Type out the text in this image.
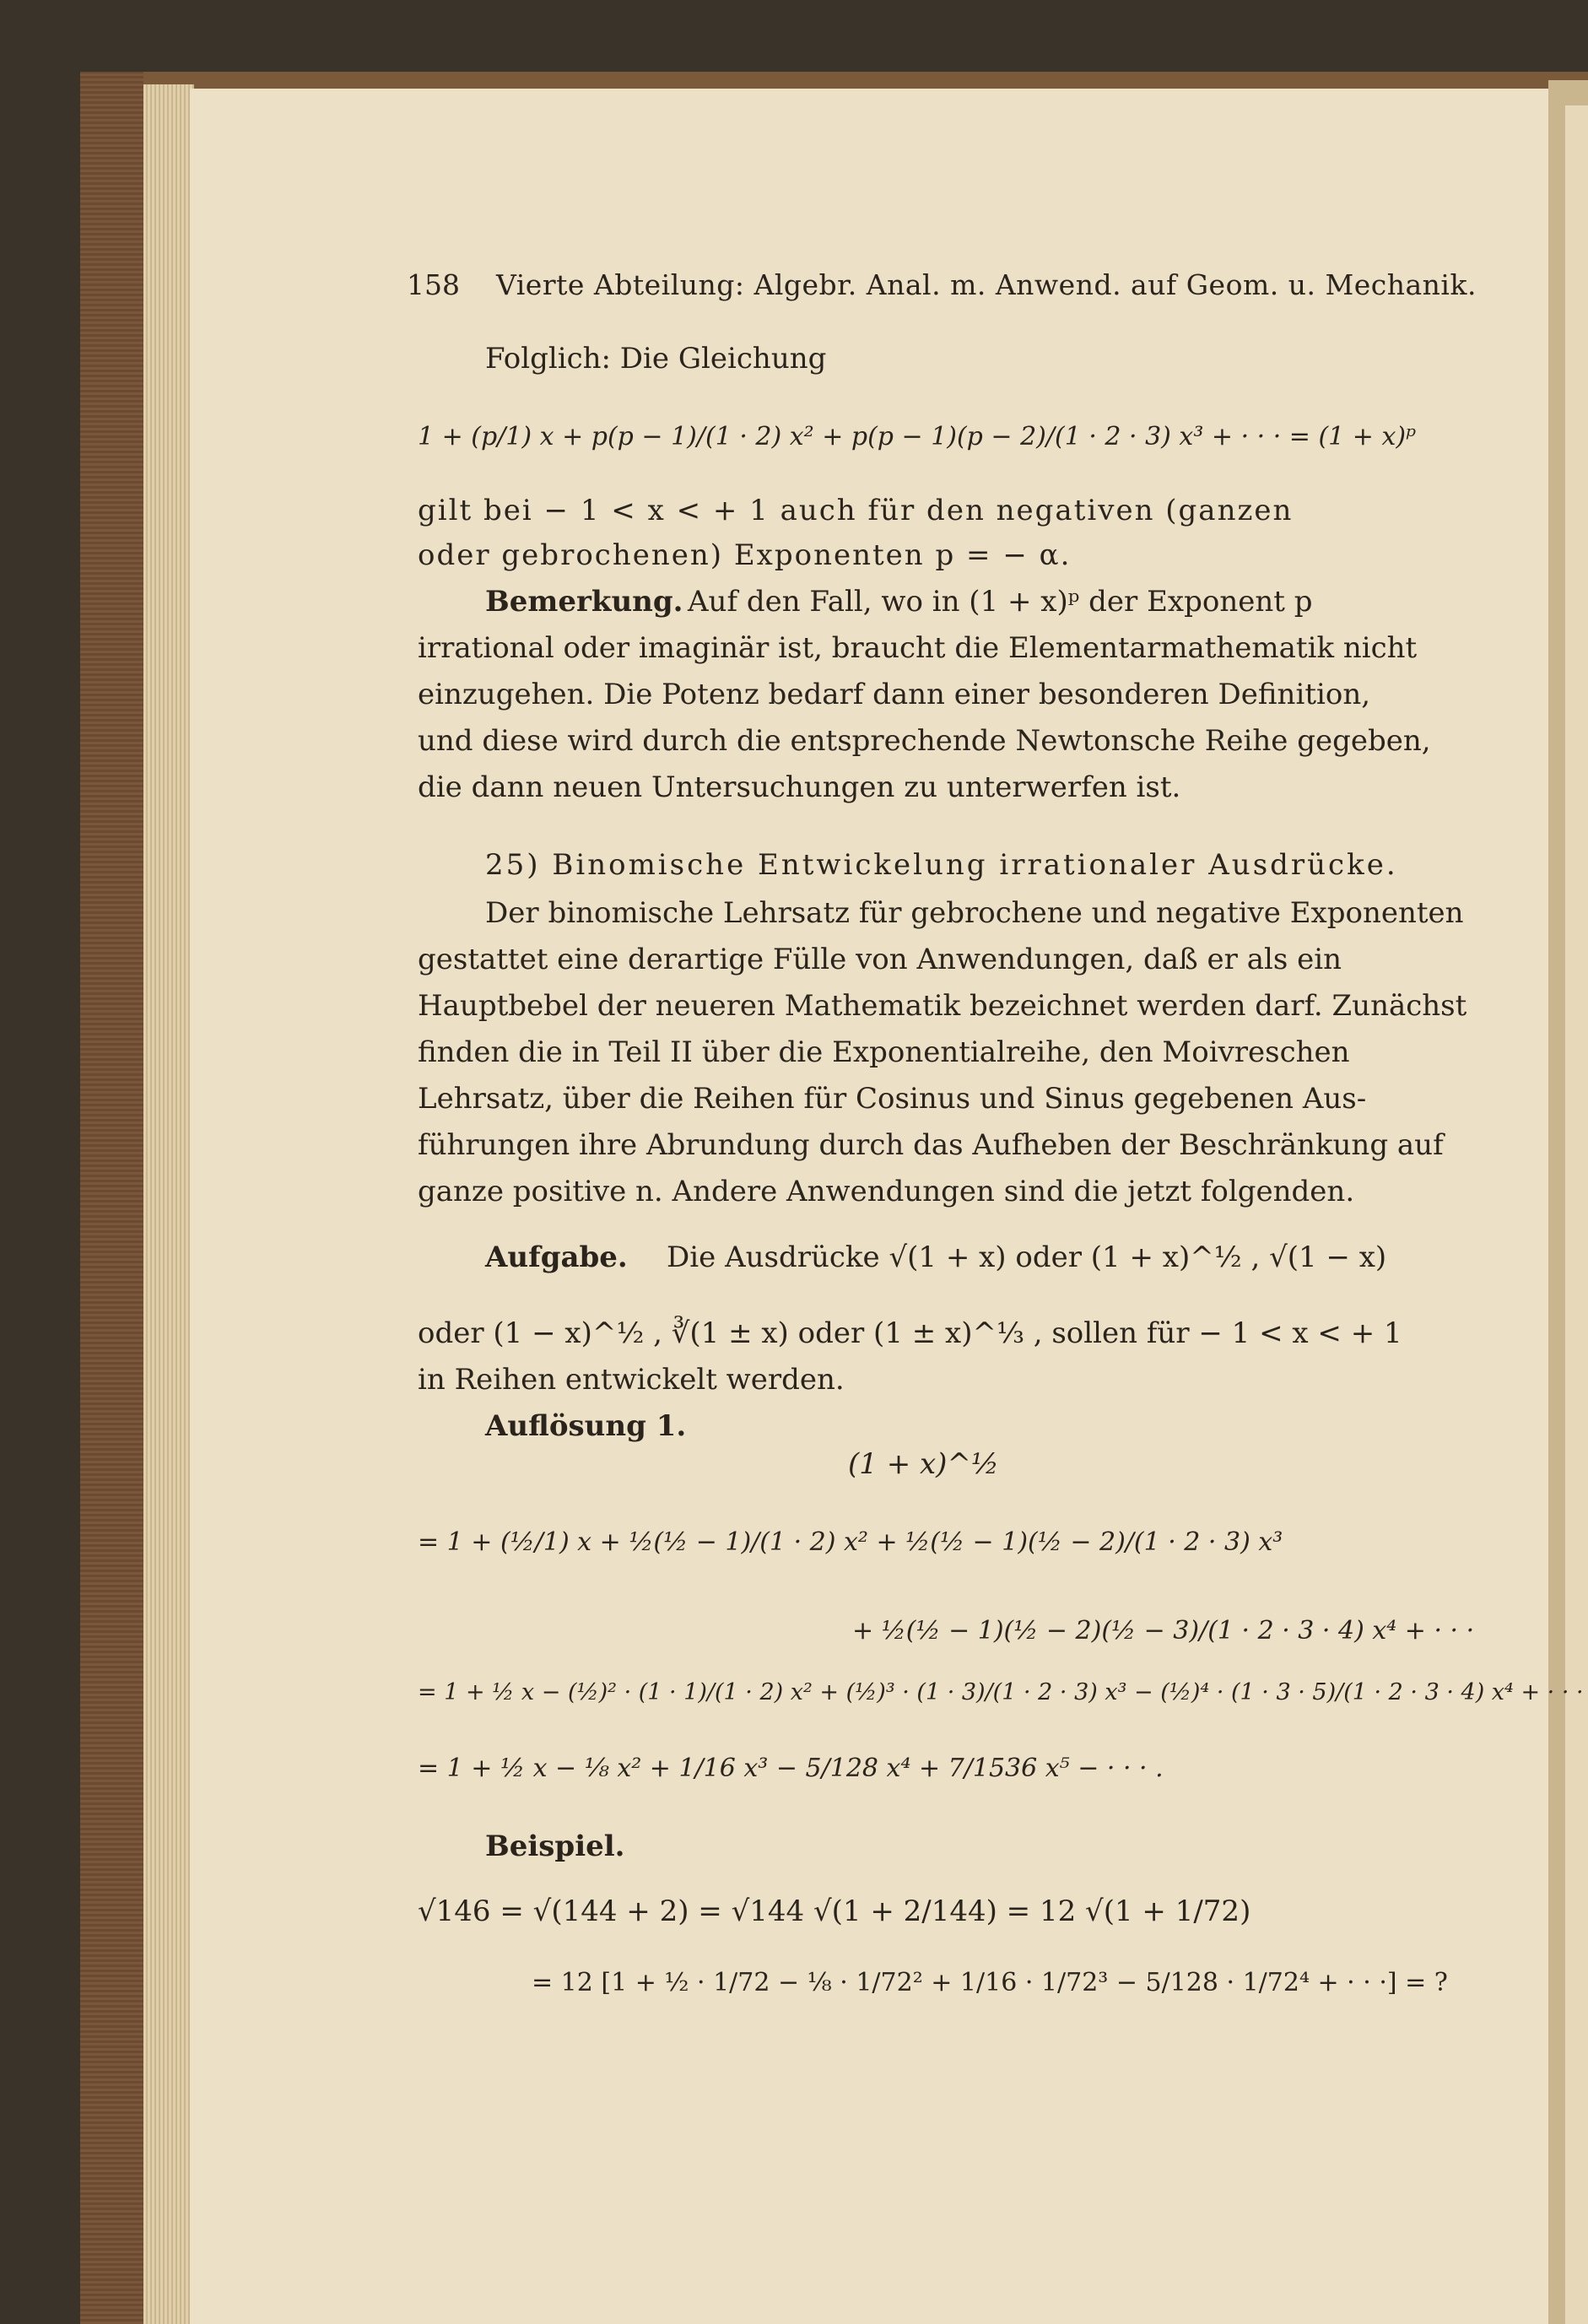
158 Vierte Abteilung: Algebr. Anal. m. Anwend. auf Geom. u. Mechanik.
Folglich: Die Gleichung
1 + (p/1) x + p(p − 1)/(1 · 2) x² + p(p − 1)(p − 2)/(1 · 2 · 3) x³ + · · · = (1 + x)ᵖ
gilt bei − 1 < x < + 1 auch für den negativen (ganzen
oder gebrochenen) Exponenten p = − α.
Bemerkung. Auf den Fall, wo in (1 + x)ᵖ der Exponent p
irrational oder imaginär ist, braucht die Elementarmathematik nicht
einzugehen. Die Potenz bedarf dann einer besonderen Definition,
und diese wird durch die entsprechende Newtonsche Reihe gegeben,
die dann neuen Untersuchungen zu unterwerfen ist.
25) Binomische Entwickelung irrationaler Ausdrücke.
Der binomische Lehrsatz für gebrochene und negative Exponenten
gestattet eine derartige Fülle von Anwendungen, daß er als ein
Hauptbebel der neueren Mathematik bezeichnet werden darf. Zunächst
finden die in Teil II über die Exponentialreihe, den Moivreschen
Lehrsatz, über die Reihen für Cosinus und Sinus gegebenen Aus-
führungen ihre Abrundung durch das Aufheben der Beschränkung auf
ganze positive n. Andere Anwendungen sind die jetzt folgenden.
Aufgabe. Die Ausdrücke √(1 + x) oder (1 + x)^½ , √(1 − x)
oder (1 − x)^½ , ∛(1 ± x) oder (1 ± x)^⅓ , sollen für − 1 < x < + 1
in Reihen entwickelt werden.
Auflösung 1.
(1 + x)^½
= 1 + (½/1) x + ½(½ − 1)/(1 · 2) x² + ½(½ − 1)(½ − 2)/(1 · 2 · 3) x³
+ ½(½ − 1)(½ − 2)(½ − 3)/(1 · 2 · 3 · 4) x⁴ + · · ·
= 1 + ½ x − (½)² · (1 · 1)/(1 · 2) x² + (½)³ · (1 · 3)/(1 · 2 · 3) x³ − (½)⁴ · (1 · 3 · 5)/(1 · 2 · 3 · 4) x⁴ + · · ·
= 1 + ½ x − ⅛ x² + 1/16 x³ − 5/128 x⁴ + 7/1536 x⁵ − · · · .
Beispiel.
√146 = √(144 + 2) = √144 √(1 + 2/144) = 12 √(1 + 1/72)
= 12 [1 + ½ · 1/72 − ⅛ · 1/72² + 1/16 · 1/72³ − 5/128 · 1/72⁴ + · · ·] = ?
